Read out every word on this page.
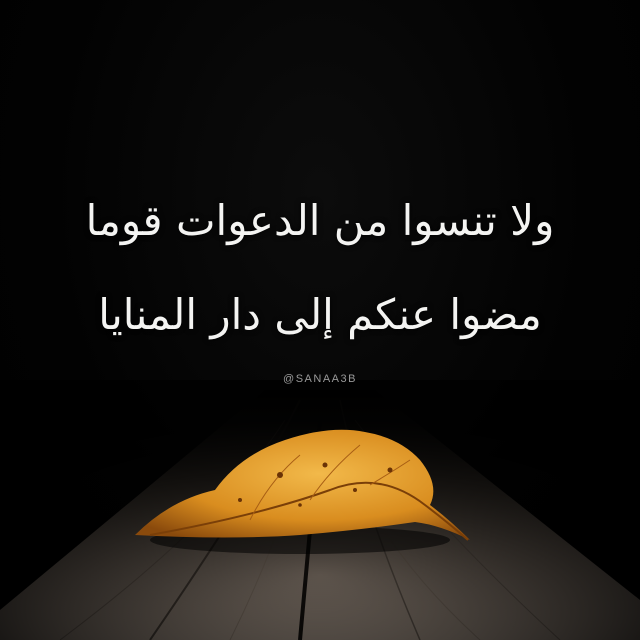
ولا تنسوا من الدعوات قوما
مضوا عنكم إلى دار المنايا
@SANAA3B
